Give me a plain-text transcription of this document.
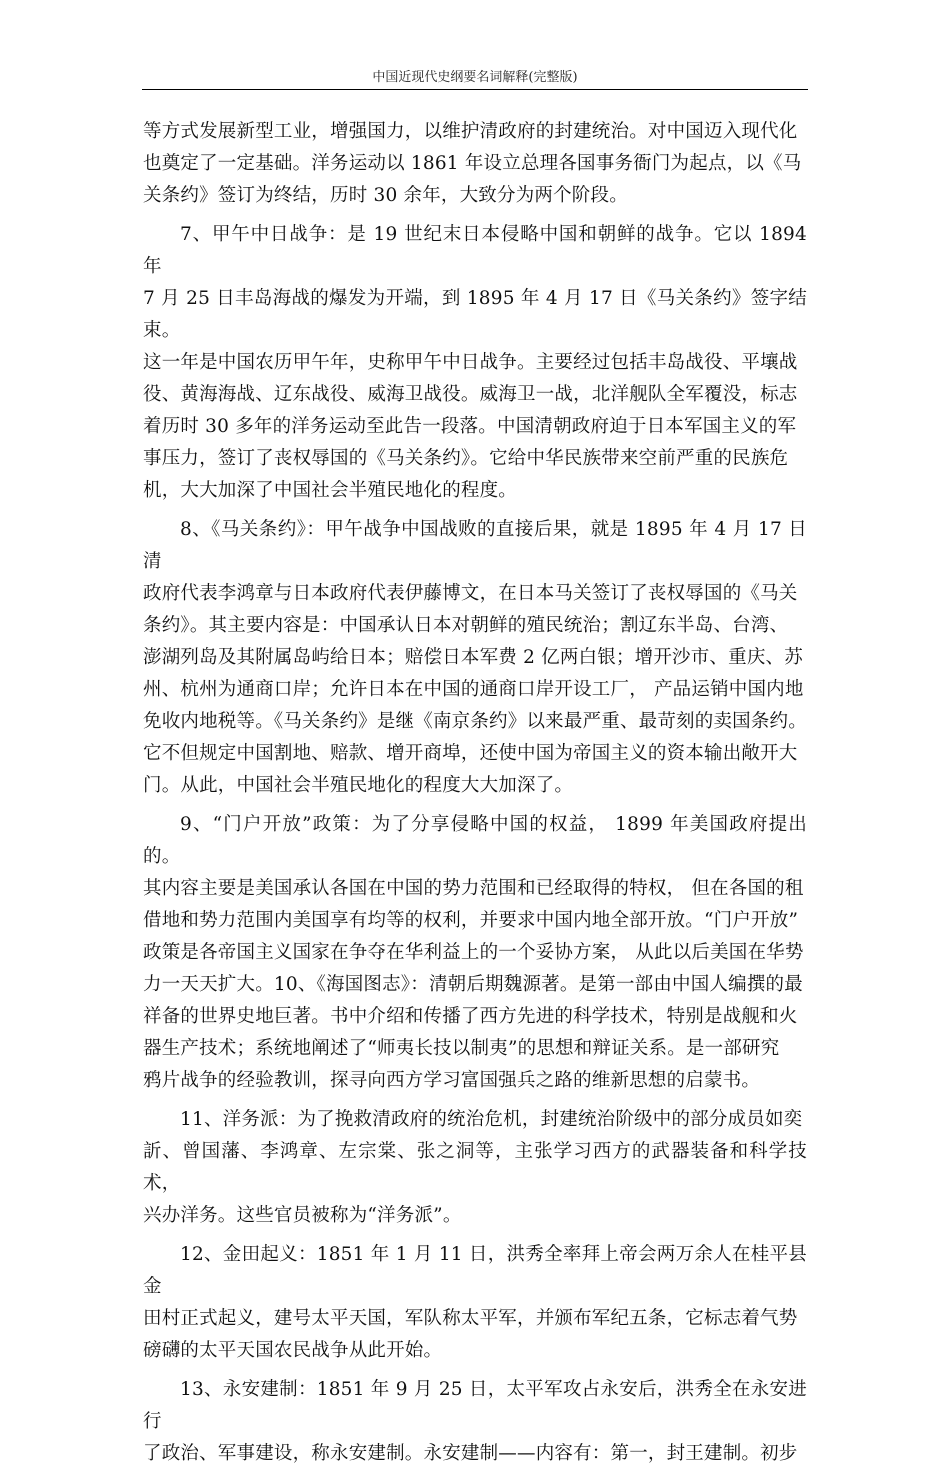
中国近现代史纲要名词解释(完整版)

等方式发展新型工业，增强国力，以维护清政府的封建统治。对中国迈入现代化
也奠定了一定基础。洋务运动以 1861 年设立总理各国事务衙门为起点，以《马
关条约》签订为终结，历时 30 余年，大致分为两个阶段。

7、甲午中日战争：是 19 世纪末日本侵略中国和朝鲜的战争。它以 1894 年
7 月 25 日丰岛海战的爆发为开端，到 1895 年 4 月 17 日《马关条约》签字结束。
这一年是中国农历甲午年，史称甲午中日战争。主要经过包括丰岛战役、平壤战
役、黄海海战、辽东战役、威海卫战役。威海卫一战，北洋舰队全军覆没，标志
着历时 30 多年的洋务运动至此告一段落。中国清朝政府迫于日本军国主义的军
事压力，签订了丧权辱国的《马关条约》。它给中华民族带来空前严重的民族危
机，大大加深了中国社会半殖民地化的程度。

8、《马关条约》：甲午战争中国战败的直接后果，就是 1895 年 4 月 17 日清
政府代表李鸿章与日本政府代表伊藤博文，在日本马关签订了丧权辱国的《马关
条约》。其主要内容是：中国承认日本对朝鲜的殖民统治；割辽东半岛、台湾、
澎湖列岛及其附属岛屿给日本；赔偿日本军费 2 亿两白银；增开沙市、重庆、苏
州、杭州为通商口岸；允许日本在中国的通商口岸开设工厂， 产品运销中国内地
免收内地税等。《马关条约》是继《南京条约》以来最严重、最苛刻的卖国条约。
它不但规定中国割地、赔款、增开商埠，还使中国为帝国主义的资本输出敞开大
门。从此，中国社会半殖民地化的程度大大加深了。

9、“门户开放”政策：为了分享侵略中国的权益， 1899 年美国政府提出的。
其内容主要是美国承认各国在中国的势力范围和已经取得的特权， 但在各国的租
借地和势力范围内美国享有均等的权利，并要求中国内地全部开放。“门户开放”
政策是各帝国主义国家在争夺在华利益上的一个妥协方案， 从此以后美国在华势
力一天天扩大。10、《海国图志》：清朝后期魏源著。是第一部由中国人编撰的最
祥备的世界史地巨著。书中介绍和传播了西方先进的科学技术，特别是战舰和火
器生产技术；系统地阐述了“师夷长技以制夷”的思想和辩证关系。是一部研究
鸦片战争的经验教训，探寻向西方学习富国强兵之路的维新思想的启蒙书。

11、洋务派：为了挽救清政府的统治危机，封建统治阶级中的部分成员如奕
訢、曾国藩、李鸿章、左宗棠、张之洞等，主张学习西方的武器装备和科学技术，
兴办洋务。这些官员被称为“洋务派”。

12、金田起义：1851 年 1 月 11 日，洪秀全率拜上帝会两万余人在桂平县金
田村正式起义，建号太平天国，军队称太平军，并颁布军纪五条，它标志着气势
磅礴的太平天国农民战争从此开始。

13、永安建制：1851 年 9 月 25 日，太平军攻占永安后，洪秀全在永安进行
了政治、军事建设，称永安建制。永安建制——内容有：第一，封王建制。初步
